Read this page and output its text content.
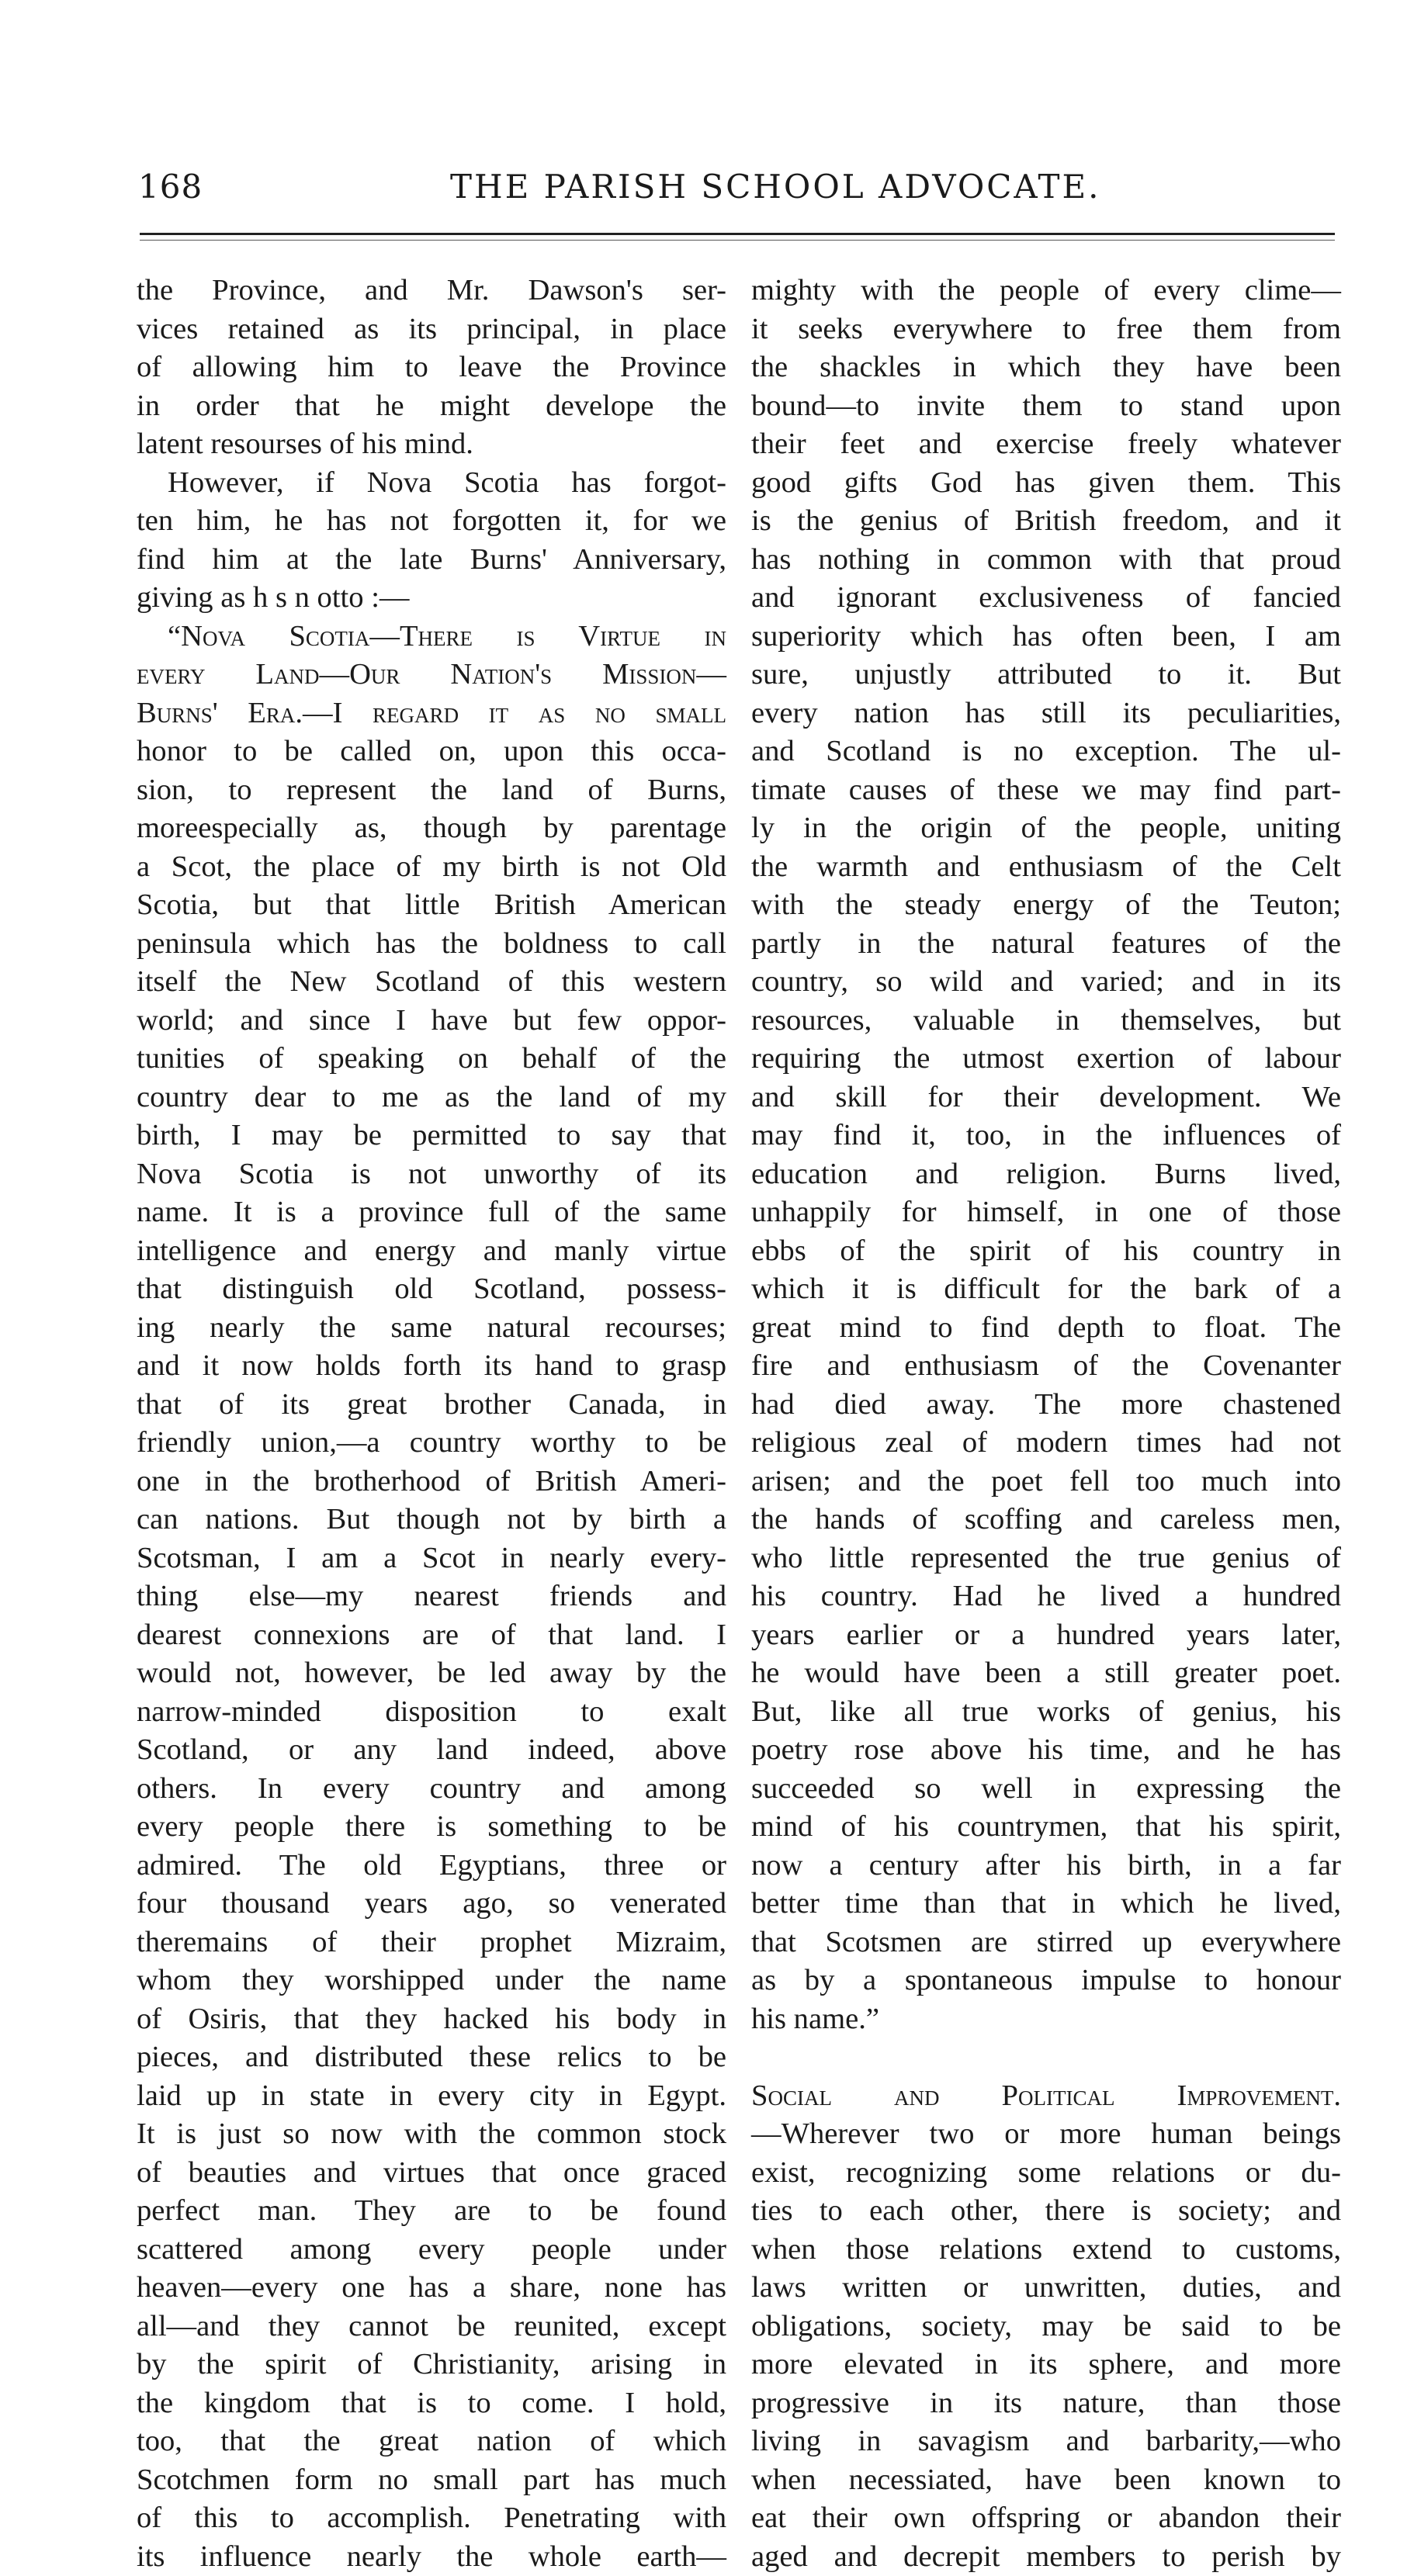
168	THE PARISH SCHOOL ADVOCATE.
the Province, and Mr. Dawson's ser-
vices retained as its principal, in place
of allowing him to leave the Province
in order that he might develope the
latent resourses of his mind.
However, if Nova Scotia has forgot-
ten him, he has not forgotten it, for we
find him at the late Burns' Anniversary,
giving as h s n otto :—
“Nova Scotia—There is Virtue in
every Land—Our Nation's Mission—
Burns' Era.—I regard it as no small
honor to be called on, upon this occa-
sion, to represent the land of Burns,
moreespecially as, though by parentage
a Scot, the place of my birth is not Old
Scotia, but that little British American
peninsula which has the boldness to call
itself the New Scotland of this western
world; and since I have but few oppor-
tunities of speaking on behalf of the
country dear to me as the land of my
birth, I may be permitted to say that
Nova Scotia is not unworthy of its
name. It is a province full of the same
intelligence and energy and manly virtue
that distinguish old Scotland, possess-
ing nearly the same natural recourses;
and it now holds forth its hand to grasp
that of its great brother Canada, in
friendly union,—a country worthy to be
one in the brotherhood of British Ameri-
can nations. But though not by birth a
Scotsman, I am a Scot in nearly every-
thing else—my nearest friends and
dearest connexions are of that land. I
would not, however, be led away by the
narrow-minded disposition to exalt
Scotland, or any land indeed, above
others. In every country and among
every people there is something to be
admired. The old Egyptians, three or
four thousand years ago, so venerated
theremains of their prophet Mizraim,
whom they worshipped under the name
of Osiris, that they hacked his body in
pieces, and distributed these relics to be
laid up in state in every city in Egypt.
It is just so now with the common stock
of beauties and virtues that once graced
perfect man. They are to be found
scattered among every people under
heaven—every one has a share, none has
all—and they cannot be reunited, except
by the spirit of Christianity, arising in
the kingdom that is to come. I hold,
too, that the great nation of which
Scotchmen form no small part has much
of this to accomplish. Penetrating with
its influence nearly the whole earth—
mighty with the people of every clime—
it seeks everywhere to free them from
the shackles in which they have been
bound—to invite them to stand upon
their feet and exercise freely whatever
good gifts God has given them. This
is the genius of British freedom, and it
has nothing in common with that proud
and ignorant exclusiveness of fancied
superiority which has often been, I am
sure, unjustly attributed to it. But
every nation has still its peculiarities,
and Scotland is no exception. The ul-
timate causes of these we may find part-
ly in the origin of the people, uniting
the warmth and enthusiasm of the Celt
with the steady energy of the Teuton;
partly in the natural features of the
country, so wild and varied; and in its
resources, valuable in themselves, but
requiring the utmost exertion of labour
and skill for their development. We
may find it, too, in the influences of
education and religion. Burns lived,
unhappily for himself, in one of those
ebbs of the spirit of his country in
which it is difficult for the bark of a
great mind to find depth to float. The
fire and enthusiasm of the Covenanter
had died away. The more chastened
religious zeal of modern times had not
arisen; and the poet fell too much into
the hands of scoffing and careless men,
who little represented the true genius of
his country. Had he lived a hundred
years earlier or a hundred years later,
he would have been a still greater poet.
But, like all true works of genius, his
poetry rose above his time, and he has
succeeded so well in expressing the
mind of his countrymen, that his spirit,
now a century after his birth, in a far
better time than that in which he lived,
that Scotsmen are stirred up everywhere
as by a spontaneous impulse to honour
his name.”
Social and Political Improvement.
—Wherever two or more human beings
exist, recognizing some relations or du-
ties to each other, there is society; and
when those relations extend to customs,
laws written or unwritten, duties, and
obligations, society, may be said to be
more elevated in its sphere, and more
progressive in its nature, than those
living in savagism and barbarity,—who
when necessiated, have been known to
eat their own offspring or abandon their
aged and decrepit members to perish by
